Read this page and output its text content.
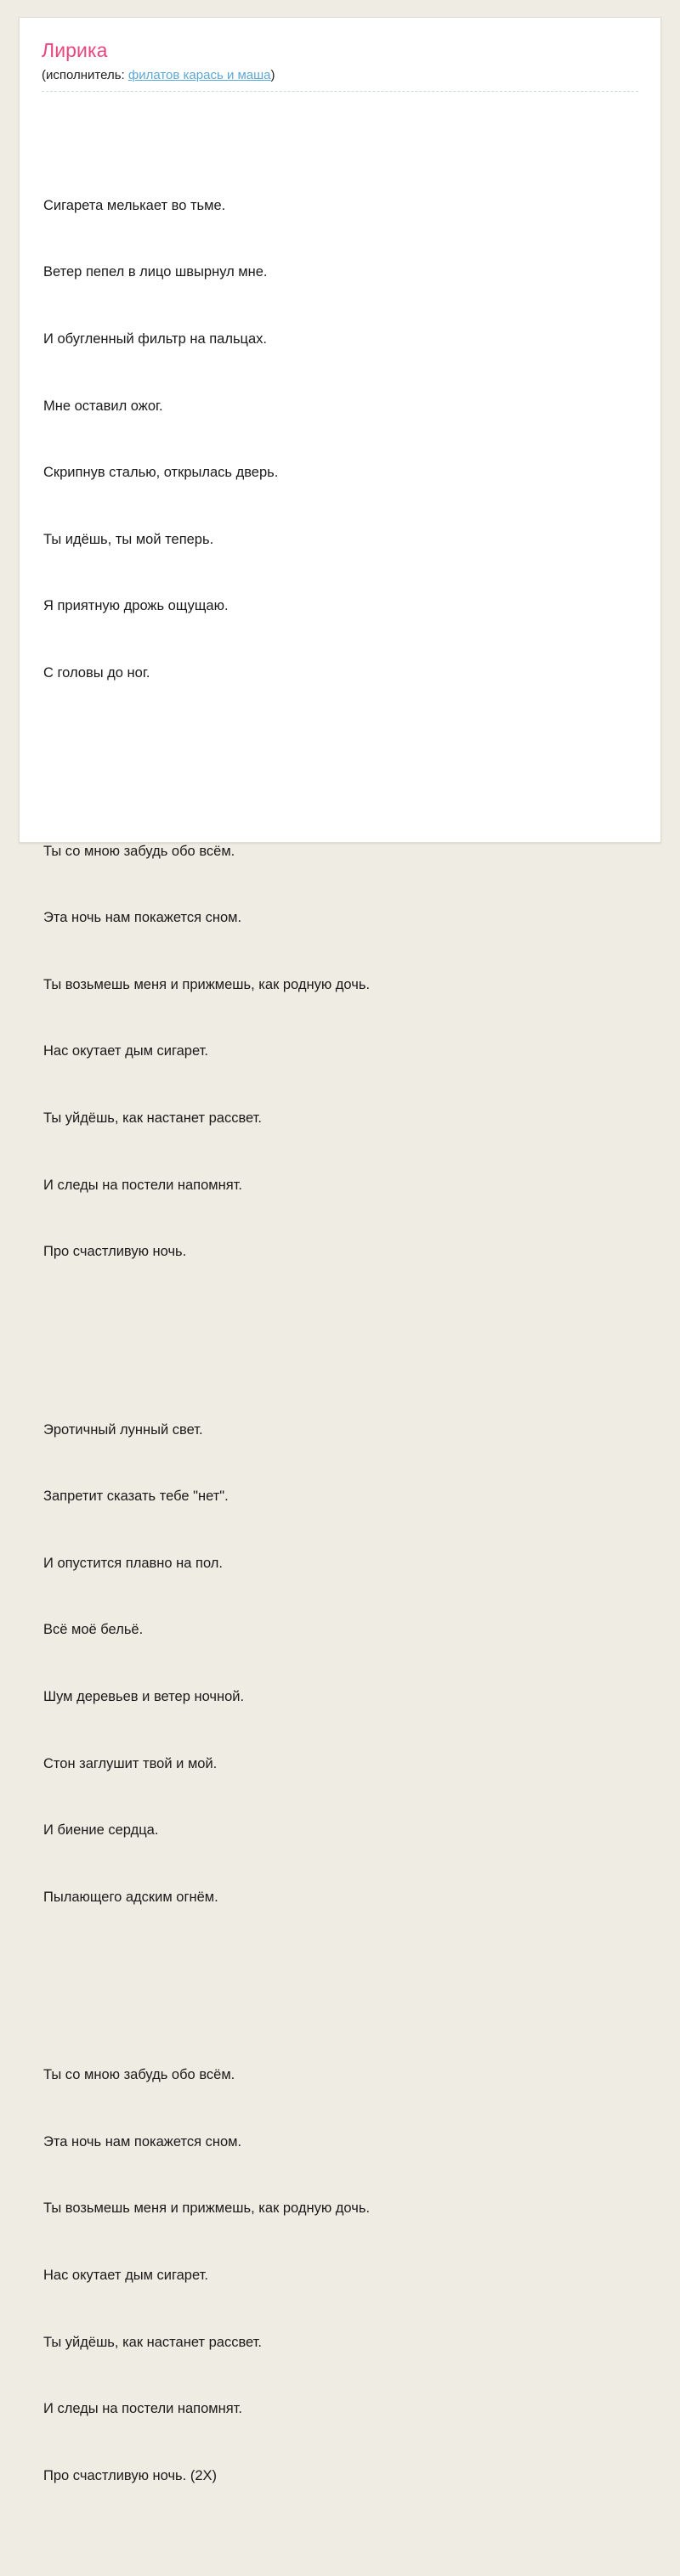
Лирика
(исполнитель: филатов карась и маша)

Сигарета мелькает во тьме.

Ветер пепел в лицо швырнул мне.

И обугленный фильтр на пальцах.

Мне оставил ожог.

Скрипнув сталью, открылась дверь.

Ты идёшь, ты мой теперь.

Я приятную дрожь ощущаю.

С головы до ног.

Ты со мною забудь обо всём.

Эта ночь нам покажется сном.

Ты возьмешь меня и прижмешь, как родную дочь.

Нас окутает дым сигарет.

Ты уйдёшь, как настанет рассвет.

И следы на постели напомнят.

Про счастливую ночь.

Эротичный лунный свет.

Запретит сказать тебе "нет".

И опустится плавно на пол.

Всё моё бельё.

Шум деревьев и ветер ночной.

Стон заглушит твой и мой.

И биение сердца.

Пылающего адским огнём.

Ты со мною забудь обо всём.

Эта ночь нам покажется сном.

Ты возьмешь меня и прижмешь, как родную дочь.

Нас окутает дым сигарет.

Ты уйдёшь, как настанет рассвет.

И следы на постели напомнят.

Про счастливую ночь. (2X)
